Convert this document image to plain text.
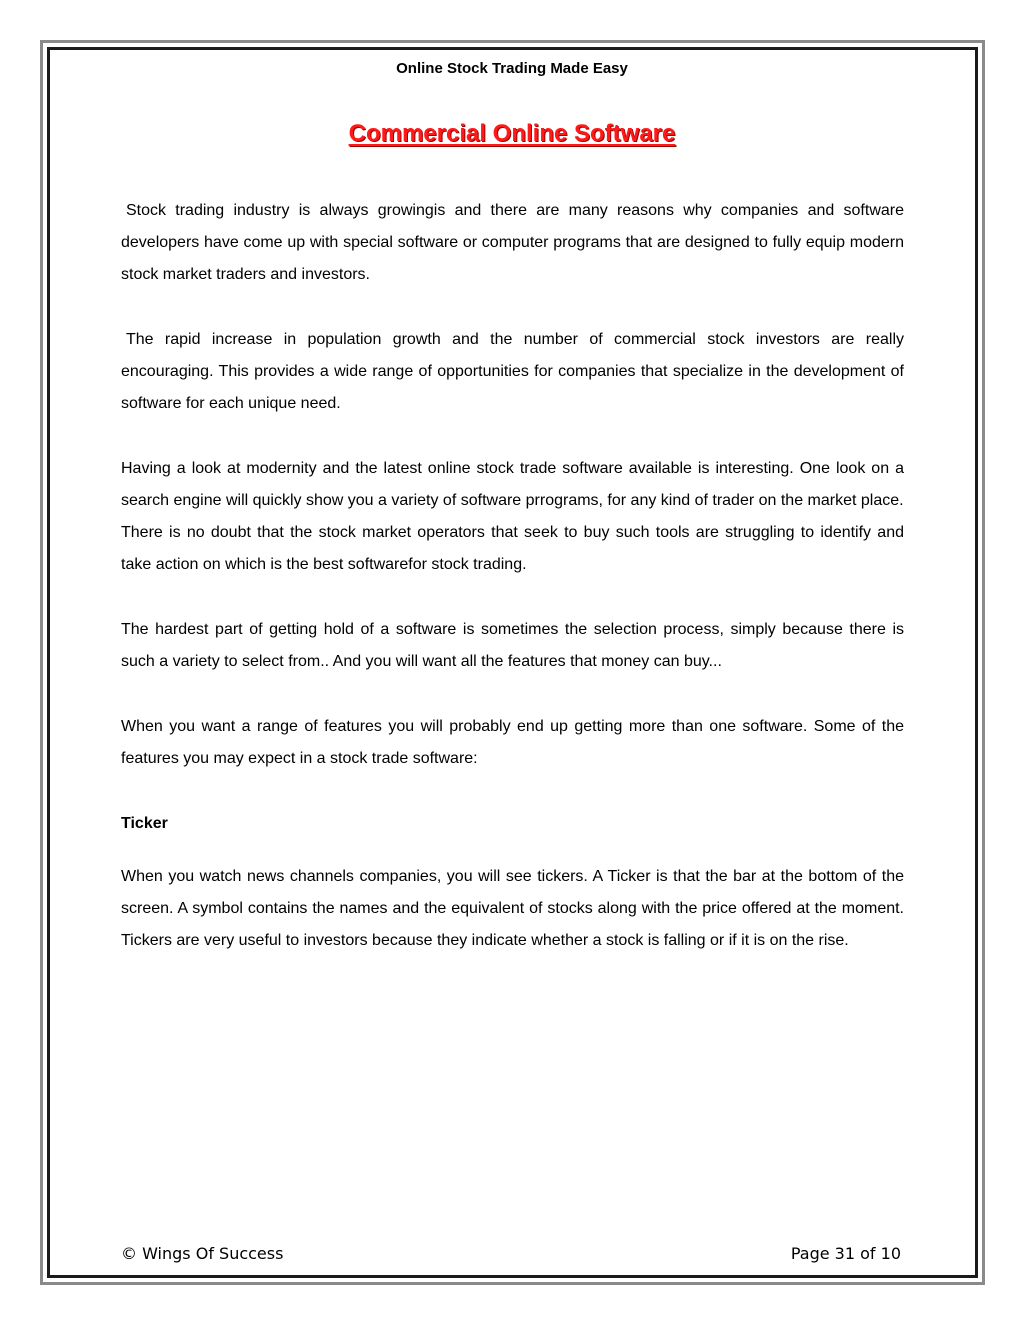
Online Stock Trading Made Easy
Commercial Online Software

Stock trading industry is always growingis and there are many reasons why companies and software developers have come up with special software or computer programs that are designed to fully equip modern stock market traders and investors.

The rapid increase in population growth and the number of commercial stock investors are really encouraging. This provides a wide range of opportunities for companies that specialize in the development of software for each unique need.

Having a look at modernity and the latest online stock trade software available is interesting. One look on a search engine will quickly show you a variety of software prrograms, for any kind of trader on the market place.

There is no doubt that the stock market operators that seek to buy such tools are struggling to identify and take action on which is the best softwarefor stock trading.

The hardest part of getting hold of a software is sometimes the selection process, simply because there is such a variety to select from.. And you will want all the features that money can buy...

When you want a range of features you will probably end up getting more than one software. Some of the features you may expect in a stock trade software:

Ticker

When you watch news channels companies, you will see tickers. A Ticker is that the bar at the bottom of the screen. A symbol contains the names and the equivalent of stocks along with the price offered at the moment. Tickers are very useful to investors because they indicate whether a stock is falling or if it is on the rise.

© Wings Of Success	Page 31 of 10
